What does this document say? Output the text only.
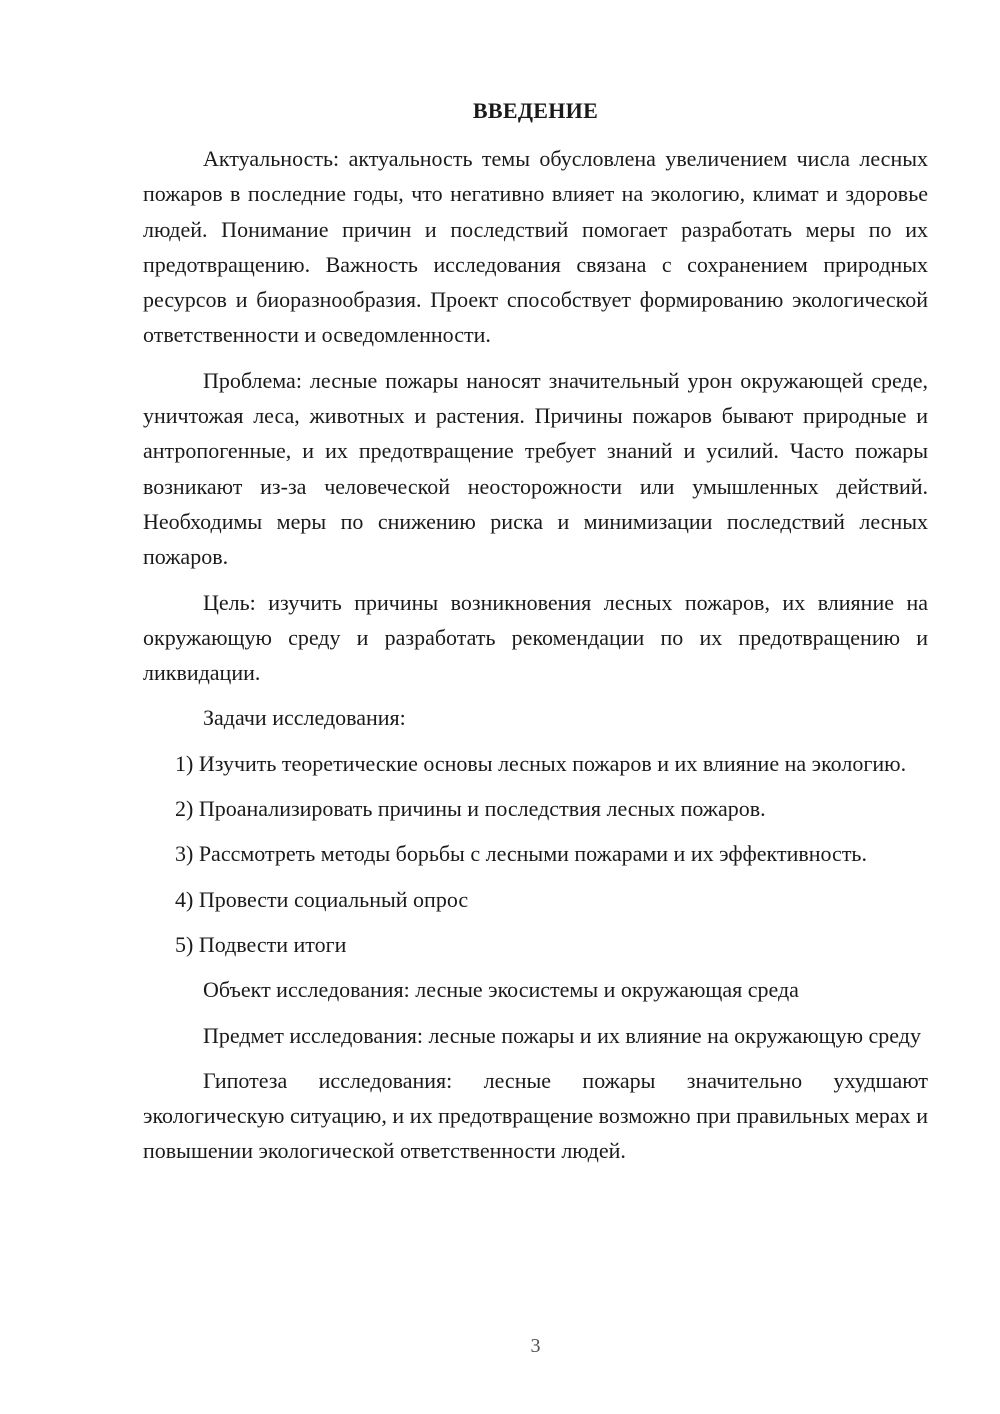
ВВЕДЕНИЕ

Актуальность: актуальность темы обусловлена увеличением числа лесных пожаров в последние годы, что негативно влияет на экологию, климат и здоровье людей. Понимание причин и последствий помогает разработать меры по их предотвращению. Важность исследования связана с сохранением природных ресурсов и биоразнообразия. Проект способствует формированию экологической ответственности и осведомленности.

Проблема: лесные пожары наносят значительный урон окружающей среде, уничтожая леса, животных и растения. Причины пожаров бывают природные и антропогенные, и их предотвращение требует знаний и усилий. Часто пожары возникают из-за человеческой неосторожности или умышленных действий. Необходимы меры по снижению риска и минимизации последствий лесных пожаров.

Цель: изучить причины возникновения лесных пожаров, их влияние на окружающую среду и разработать рекомендации по их предотвращению и ликвидации.

Задачи исследования:

1) Изучить теоретические основы лесных пожаров и их влияние на экологию.

2) Проанализировать причины и последствия лесных пожаров.

3) Рассмотреть методы борьбы с лесными пожарами и их эффективность.

4) Провести социальный опрос

5) Подвести итоги

Объект исследования: лесные экосистемы и окружающая среда

Предмет исследования: лесные пожары и их влияние на окружающую среду

Гипотеза исследования: лесные пожары значительно ухудшают экологическую ситуацию, и их предотвращение возможно при правильных мерах и повышении экологической ответственности людей.

3
